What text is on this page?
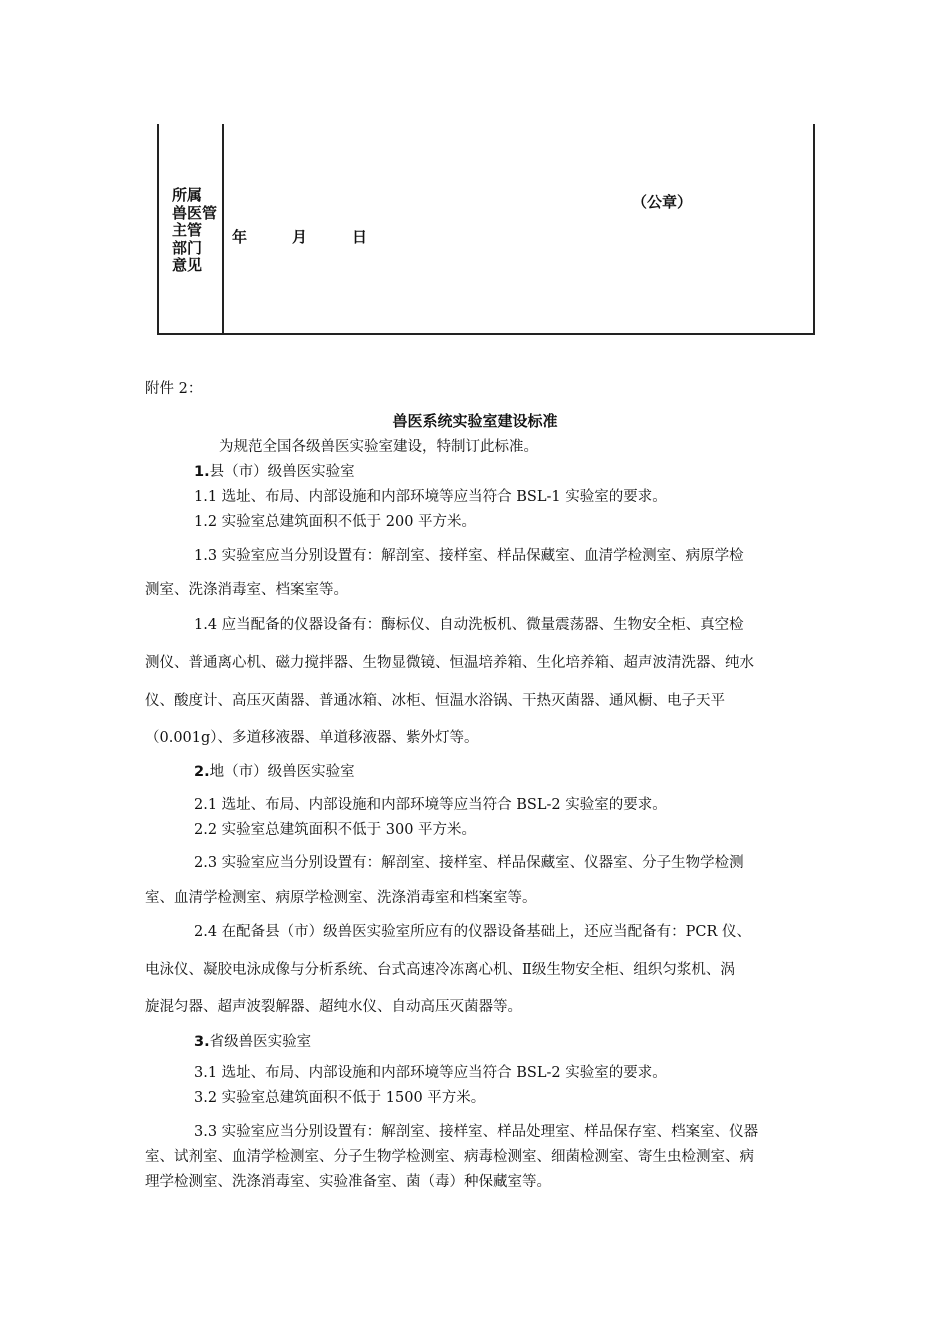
所属
兽医管
主管
部门
意见
（公章）
年	月	日
附件 2：
兽医系统实验室建设标准
为规范全国各级兽医实验室建设，特制订此标准。
1.县（市）级兽医实验室
1.1 选址、布局、内部设施和内部环境等应当符合 BSL-1 实验室的要求。
1.2 实验室总建筑面积不低于 200 平方米。
1.3 实验室应当分别设置有：解剖室、接样室、样品保藏室、血清学检测室、病原学检
测室、洗涤消毒室、档案室等。
1.4 应当配备的仪器设备有：酶标仪、自动洗板机、微量震荡器、生物安全柜、真空检
测仪、普通离心机、磁力搅拌器、生物显微镜、恒温培养箱、生化培养箱、超声波清洗器、纯水
仪、酸度计、高压灭菌器、普通冰箱、冰柜、恒温水浴锅、干热灭菌器、通风橱、电子天平
（0.001g）、多道移液器、单道移液器、紫外灯等。
2.地（市）级兽医实验室
2.1 选址、布局、内部设施和内部环境等应当符合 BSL-2 实验室的要求。
2.2 实验室总建筑面积不低于 300 平方米。
2.3 实验室应当分别设置有：解剖室、接样室、样品保藏室、仪器室、分子生物学检测
室、血清学检测室、病原学检测室、洗涤消毒室和档案室等。
2.4 在配备县（市）级兽医实验室所应有的仪器设备基础上，还应当配备有：PCR 仪、
电泳仪、凝胶电泳成像与分析系统、台式高速冷冻离心机、Ⅱ级生物安全柜、组织匀浆机、涡
旋混匀器、超声波裂解器、超纯水仪、自动高压灭菌器等。
3.省级兽医实验室
3.1 选址、布局、内部设施和内部环境等应当符合 BSL-2 实验室的要求。
3.2 实验室总建筑面积不低于 1500 平方米。
3.3 实验室应当分别设置有：解剖室、接样室、样品处理室、样品保存室、档案室、仪器
室、试剂室、血清学检测室、分子生物学检测室、病毒检测室、细菌检测室、寄生虫检测室、病
理学检测室、洗涤消毒室、实验准备室、菌（毒）种保藏室等。
